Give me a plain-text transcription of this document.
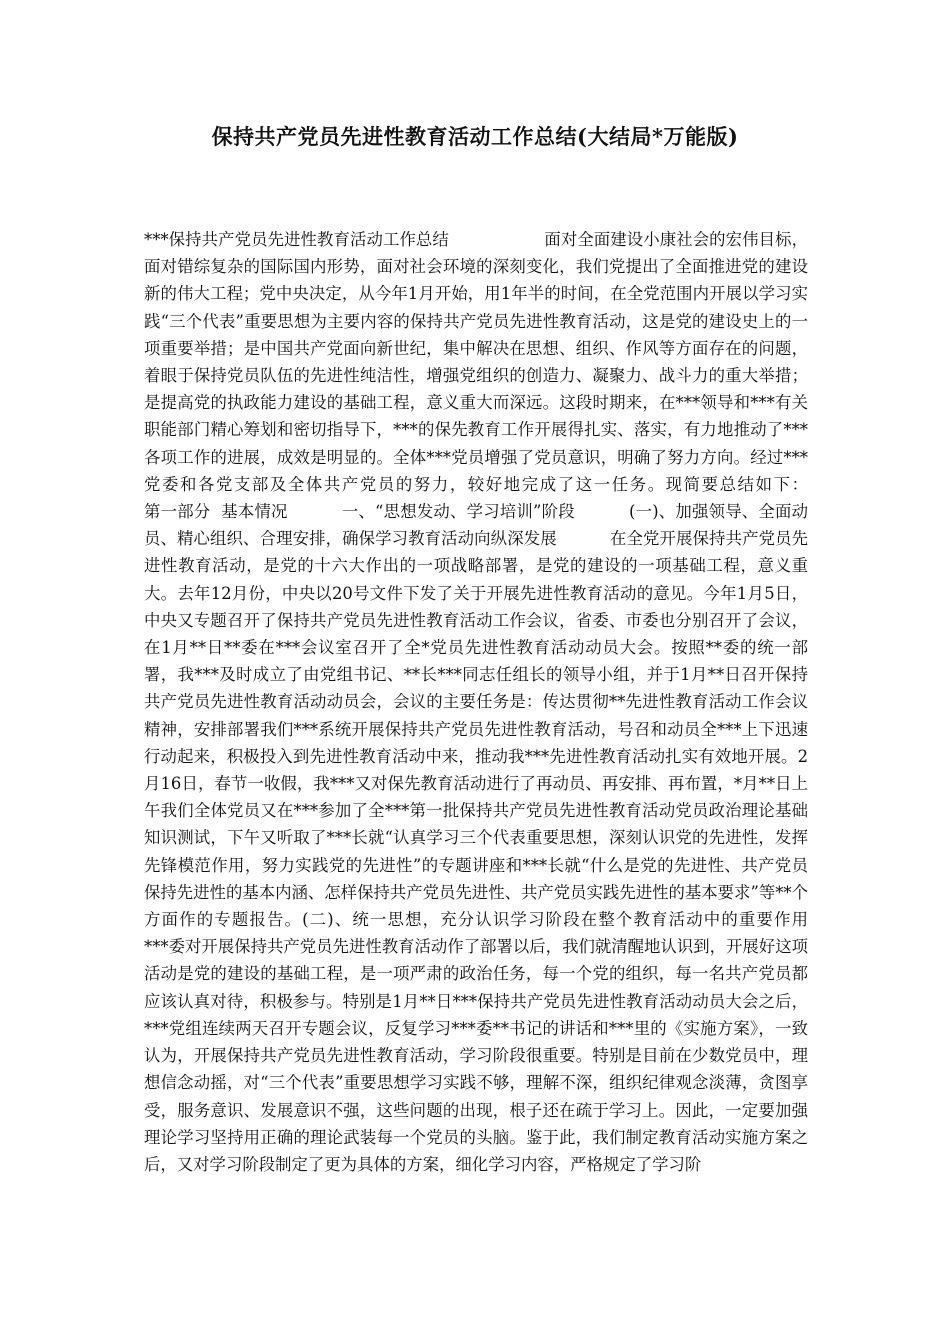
保持共产党员先进性教育活动工作总结(大结局*万能版)

***保持共产党员先进性教育活动工作总结                  面对全面建设小康社会的宏伟目标，面对错综复杂的国际国内形势，面对社会环境的深刻变化，我们党提出了全面推进党的建设新的伟大工程；党中央决定，从今年1月开始，用1年半的时间，在全党范围内开展以学习实践“三个代表”重要思想为主要内容的保持共产党员先进性教育活动，这是党的建设史上的一项重要举措；是中国共产党面向新世纪，集中解决在思想、组织、作风等方面存在的问题，着眼于保持党员队伍的先进性纯洁性，增强党组织的创造力、凝聚力、战斗力的重大举措；是提高党的执政能力建设的基础工程，意义重大而深远。这段时期来，在***领导和***有关职能部门精心筹划和密切指导下，***的保先教育工作开展得扎实、落实，有力地推动了***各项工作的进展，成效是明显的。全体***党员增强了党员意识，明确了努力方向。经过***党委和各党支部及全体共产党员的努力，较好地完成了这一任务。现简要总结如下：          第一部分  基本情况          一、“思想发动、学习培训”阶段          (一)、加强领导、全面动员、精心组织、合理安排，确保学习教育活动向纵深发展          在全党开展保持共产党员先进性教育活动，是党的十六大作出的一项战略部署，是党的建设的一项基础工程，意义重大。去年12月份，中央以20号文件下发了关于开展先进性教育活动的意见。今年1月5日，中央又专题召开了保持共产党员先进性教育活动工作会议，省委、市委也分别召开了会议，在1月**日**委在***会议室召开了全*党员先进性教育活动动员大会。按照**委的统一部署，我***及时成立了由党组书记、**长***同志任组长的领导小组，并于1月**日召开保持共产党员先进性教育活动动员会，会议的主要任务是：传达贯彻**先进性教育活动工作会议精神，安排部署我们***系统开展保持共产党员先进性教育活动，号召和动员全***上下迅速行动起来，积极投入到先进性教育活动中来，推动我***先进性教育活动扎实有效地开展。2月16日，春节一收假，我***又对保先教育活动进行了再动员、再安排、再布置，*月**日上午我们全体党员又在***参加了全***第一批保持共产党员先进性教育活动党员政治理论基础知识测试，下午又听取了***长就“认真学习三个代表重要思想，深刻认识党的先进性，发挥先锋模范作用，努力实践党的先进性”的专题讲座和***长就“什么是党的先进性、共产党员保持先进性的基本内涵、怎样保持共产党员先进性、共产党员实践先进性的基本要求”等**个方面作的专题报告。(二)、统一思想，充分认识学习阶段在整个教育活动中的重要作用          ***委对开展保持共产党员先进性教育活动作了部署以后，我们就清醒地认识到，开展好这项活动是党的建设的基础工程，是一项严肃的政治任务，每一个党的组织，每一名共产党员都应该认真对待，积极参与。特别是1月**日***保持共产党员先进性教育活动动员大会之后，***党组连续两天召开专题会议，反复学习***委**书记的讲话和***里的《实施方案》，一致认为，开展保持共产党员先进性教育活动，学习阶段很重要。特别是目前在少数党员中，理想信念动摇，对“三个代表”重要思想学习实践不够，理解不深，组织纪律观念淡薄，贪图享受，服务意识、发展意识不强，这些问题的出现，根子还在疏于学习上。因此，一定要加强理论学习坚持用正确的理论武装每一个党员的头脑。鉴于此，我们制定教育活动实施方案之后，又对学习阶段制定了更为具体的方案，细化学习内容，严格规定了学习阶
